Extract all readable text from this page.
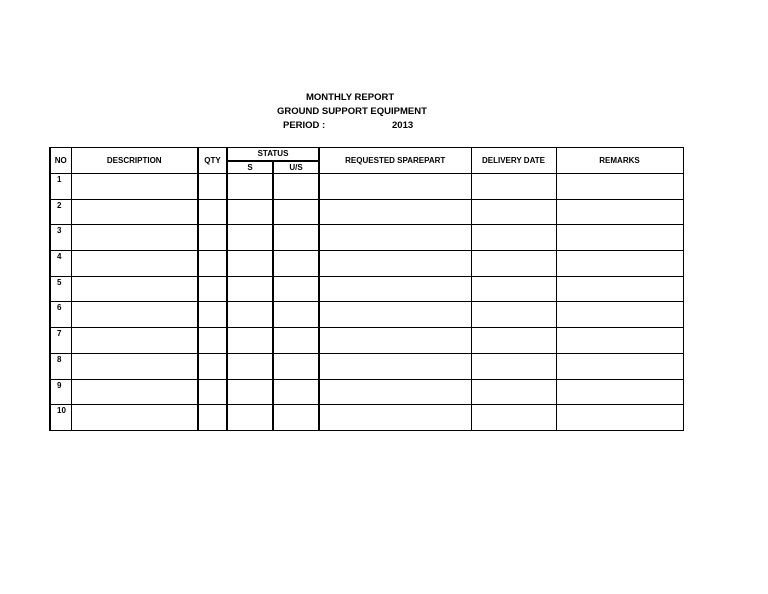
MONTHLY REPORT
GROUND SUPPORT EQUIPMENT
PERIOD :	2013
NO	DESCRIPTION	QTY	STATUS		REQUESTED SPAREPART	DELIVERY DATE	REMARKS
			S	U/S			
1							
2							
3							
4							
5							
6							
7							
8							
9							
10							
